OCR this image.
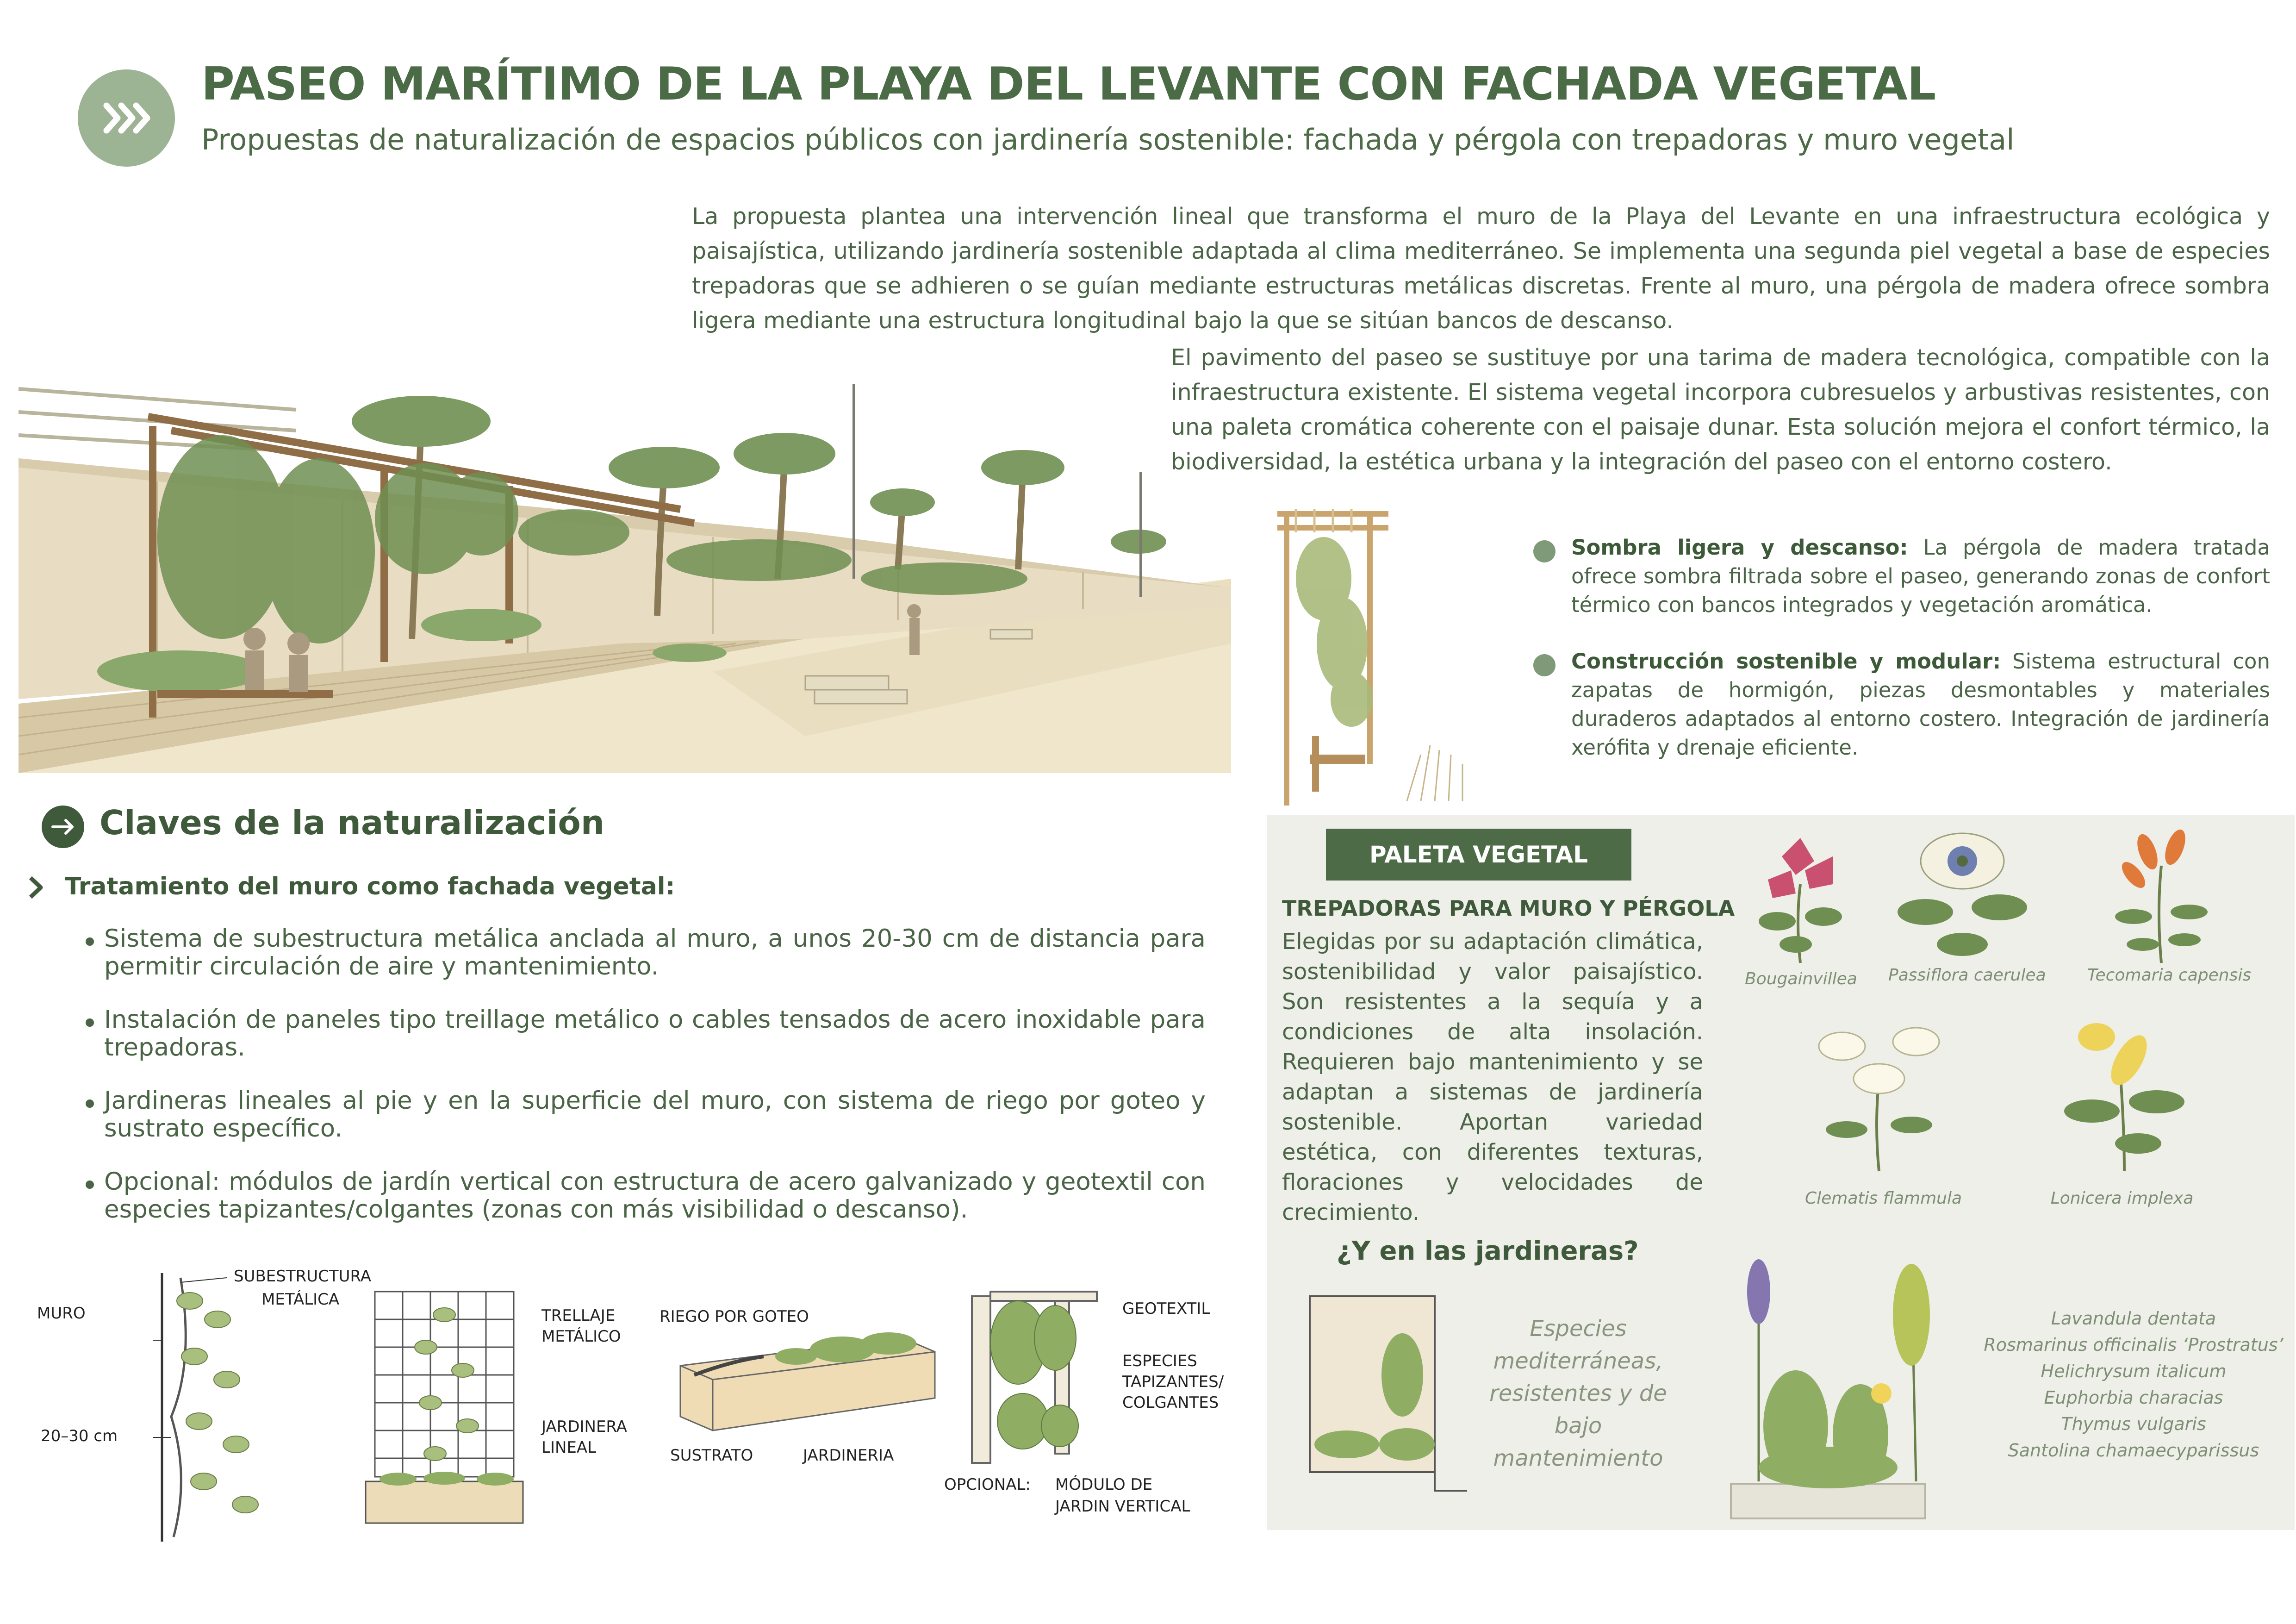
PASEO MARÍTIMO DE LA PLAYA DEL LEVANTE CON FACHADA VEGETAL
Propuestas de naturalización de espacios públicos con jardinería sostenible: fachada y pérgola con trepadoras y muro vegetal
La propuesta plantea una intervención lineal que transforma el muro de la Playa del Levante en una infraestructura ecológica y paisajística, utilizando jardinería sostenible adaptada al clima mediterráneo. Se implementa una segunda piel vegetal a base de especies trepadoras que se adhieren o se guían mediante estructuras metálicas discretas. Frente al muro, una pérgola de madera ofrece sombra ligera mediante una estructura longitudinal bajo la que se sitúan bancos de descanso.
El pavimento del paseo se sustituye por una tarima de madera tecnológica, compatible con la infraestructura existente. El sistema vegetal incorpora cubresuelos y arbustivas resistentes, con una paleta cromática coherente con el paisaje dunar. Esta solución mejora el confort térmico, la biodiversidad, la estética urbana y la integración del paseo con el entorno costero.
Sombra ligera y descanso: La pérgola de madera tratada ofrece sombra filtrada sobre el paseo, generando zonas de confort térmico con bancos integrados y vegetación aromática.
Construcción sostenible y modular: Sistema estructural con zapatas de hormigón, piezas desmontables y materiales duraderos adaptados al entorno costero. Integración de jardinería xerófita y drenaje eficiente.
Claves de la naturalización
Tratamiento del muro como fachada vegetal:
Sistema de subestructura metálica anclada al muro, a unos 20-30 cm de distancia para permitir circulación de aire y mantenimiento.
Instalación de paneles tipo treillage metálico o cables tensados de acero inoxidable para trepadoras.
Jardineras lineales al pie y en la superficie del muro, con sistema de riego por goteo y sustrato específico.
Opcional: módulos de jardín vertical con estructura de acero galvanizado y geotextil con especies tapizantes/colgantes (zonas con más visibilidad o descanso).
MURO
SUBESTRUCTURA
METÁLICA
20–30 cm
TRELLAJE
METÁLICO
JARDINERA
LINEAL
RIEGO POR GOTEO
SUSTRATO	JARDINERIA
GEOTEXTIL
ESPECIES
TAPIZANTES/
COLGANTES
OPCIONAL: MÓDULO DE
JARDIN VERTICAL
PALETA VEGETAL
TREPADORAS PARA MURO Y PÉRGOLA
Elegidas por su adaptación climática, sostenibilidad y valor paisajístico. Son resistentes a la sequía y a condiciones de alta insolación. Requieren bajo mantenimiento y se adaptan a sistemas de jardinería sostenible. Aportan variedad estética, con diferentes texturas, floraciones y velocidades de crecimiento.
Bougainvillea Passiflora caerulea Tecomaria capensis
Clematis flammula	Lonicera implexa
¿Y en las jardineras?
Especies mediterráneas, resistentes y de bajo mantenimiento
Lavandula dentata
Rosmarinus officinalis ‘Prostratus’
Helichrysum italicum
Euphorbia characias
Thymus vulgaris
Santolina chamaecyparissus
